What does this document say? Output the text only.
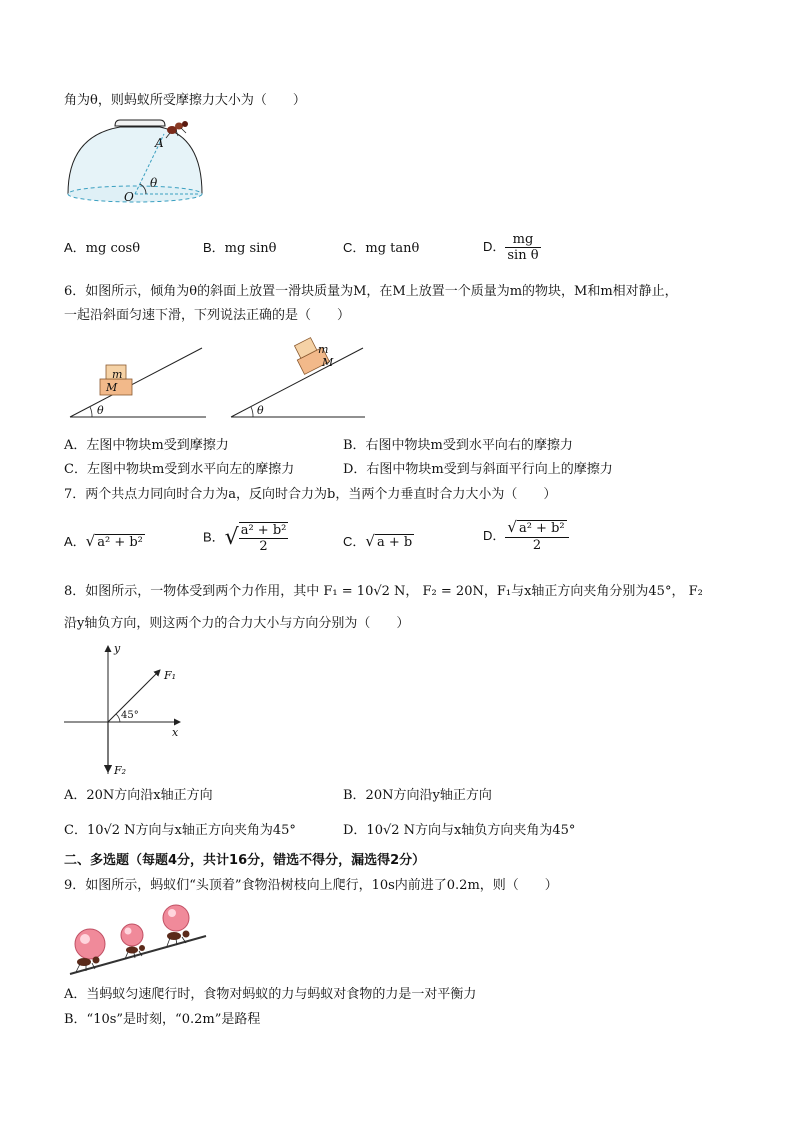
角为θ，则蚂蚁所受摩擦力大小为（　　）
A
O
θ
A．mg cosθ	B．mg sinθ	C．mg tanθ	D． $\frac{mg}{\text{sin θ}}$
6．如图所示，倾角为θ的斜面上放置一滑块质量为M，在M上放置一个质量为m的物块，M和m相对静止，
一起沿斜面匀速下滑，下列说法正确的是（　　）
m
M
θ
m
M
θ
A．左图中物块m受到摩擦力	B．右图中物块m受到水平向右的摩擦力
C．左图中物块m受到水平向左的摩擦力	D．右图中物块m受到与斜面平行向上的摩擦力
7．两个共点力同向时合力为a，反向时合力为b，当两个力垂直时合力大小为（　　）
A．√ a² + b²	B．√ $\frac{\text{a² + b²}}{2}$	C．√ a + b	D． $\frac{\text{√ a² + b²}}{2}$
8．如图所示，一物体受到两个力作用，其中 F₁ = 10√2 N， F₂ = 20N，F₁与x轴正方向夹角分别为45°， F₂
沿y轴负方向，则这两个力的合力大小与方向分别为（　　）
y
x
F₁
F₂
45°
A．20N方向沿x轴正方向	B．20N方向沿y轴正方向
C．10√2 N方向与x轴正方向夹角为45°	D．10√2 N方向与x轴负方向夹角为45°
二、多选题（每题4分，共计16分，错选不得分，漏选得2分）
9．如图所示，蚂蚁们“头顶着”食物沿树枝向上爬行，10s内前进了0.2m，则（　　）
A．当蚂蚁匀速爬行时，食物对蚂蚁的力与蚂蚁对食物的力是一对平衡力
B．“10s”是时刻，“0.2m”是路程
